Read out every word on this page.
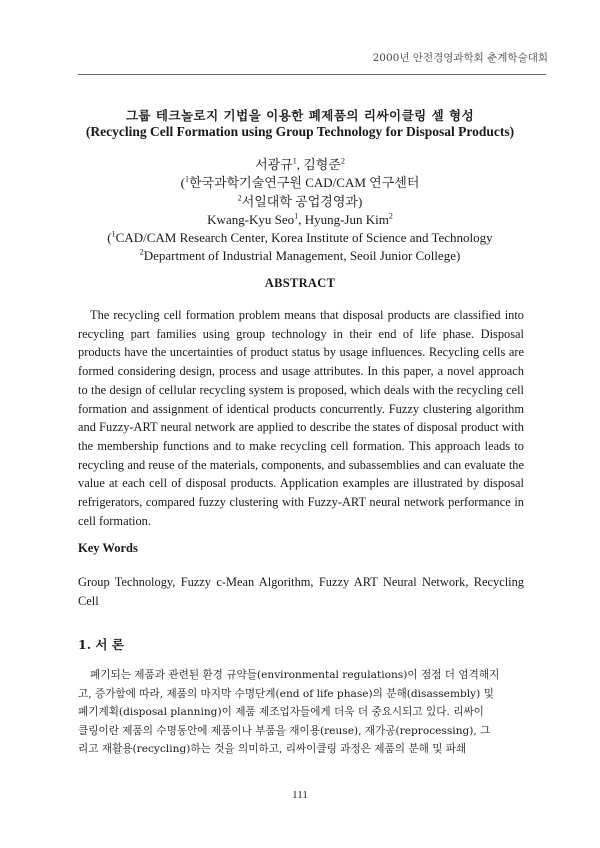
2000년 안전경영과학회 춘계학술대회
그룹 테크놀로지 기법을 이용한 폐제품의 리싸이클링 셀 형성
(Recycling Cell Formation using Group Technology for Disposal Products)
서광규$^1$, 김형준$^2$
($^1$한국과학기술연구원 CAD/CAM 연구센터
$^2$서일대학 공업경영과)
Kwang-Kyu Seo$^1$, Hyung-Jun Kim$^2$
($^1$CAD/CAM Research Center, Korea Institute of Science and Technology
$^2$Department of Industrial Management, Seoil Junior College)
ABSTRACT

The recycling cell formation problem means that disposal products are classified into recycling part families using group technology in their end of life phase. Disposal products have the uncertainties of product status by usage influences. Recycling cells are formed considering design, process and usage attributes. In this paper, a novel approach to the design of cellular recycling system is proposed, which deals with the recycling cell formation and assignment of identical products concurrently. Fuzzy clustering algorithm and Fuzzy-ART neural network are applied to describe the states of disposal product with the membership functions and to make recycling cell formation. This approach leads to recycling and reuse of the materials, components, and subassemblies and can evaluate the value at each cell of disposal products. Application examples are illustrated by disposal refrigerators, compared fuzzy clustering with Fuzzy-ART neural network performance in cell formation.

Key Words

Group Technology, Fuzzy c-Mean Algorithm, Fuzzy ART Neural Network, Recycling Cell

1. 서 론

폐기되는 제품과 관련된 환경 규약들(environmental regulations)이 점점 더 엄격해지
고, 증가함에 따라, 제품의 마지막 수명단계(end of life phase)의 분해(disassembly) 및
폐기계획(disposal planning)이 제품 제조업자들에게 더욱 더 중요시되고 있다. 리싸이
클링이란 제품의 수명동안에 제품이나 부품을 재이용(reuse), 재가공(reprocessing), 그
리고 재활용(recycling)하는 것을 의미하고, 리싸이클링 과정은 제품의 분해 및 파쇄

111
